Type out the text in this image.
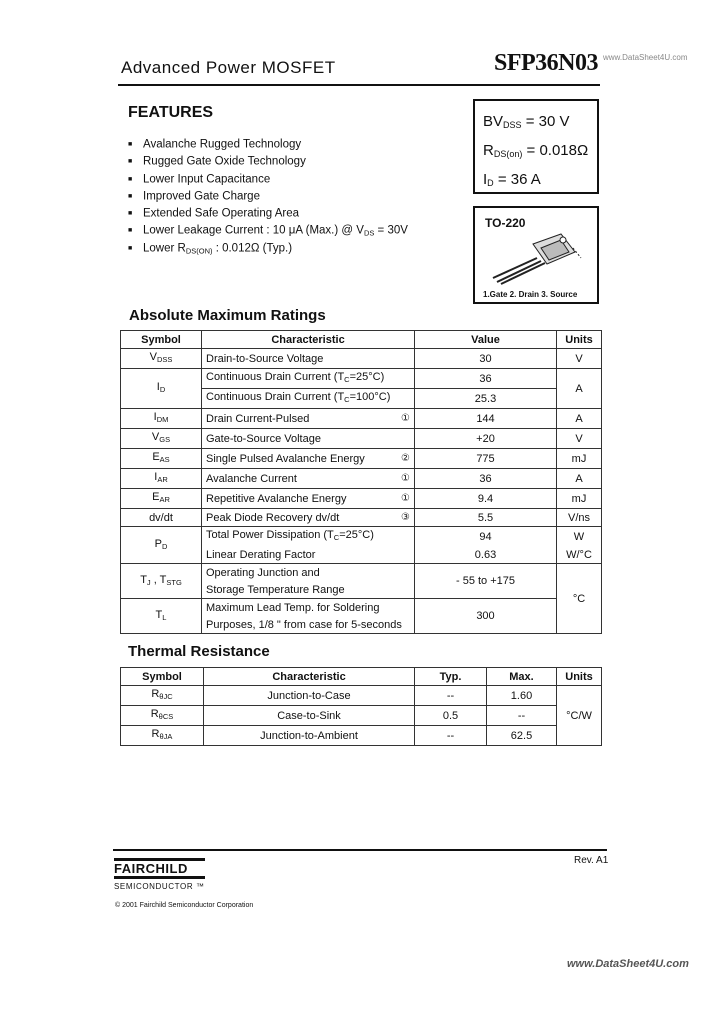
Advanced Power MOSFET
www.DataSheet4U.com
SFP36N03
FEATURES
■ Avalanche Rugged Technology
■ Rugged Gate Oxide Technology
■ Lower Input Capacitance
■ Improved Gate Charge
■ Extended Safe Operating Area
■ Lower Leakage Current : 10 μA (Max.) @ $V_{DS} = 30V$
■ Lower $R_{DS(ON)}$ : 0.012Ω (Typ.)
$BV_{DSS} = 30$ V
$R_{DS(on)} = 0.018\Omega$
$I_D = 36$ A
TO-220
1.Gate 2. Drain 3. Source
Absolute Maximum Ratings
Symbol	Characteristic	Value	Units
$V_{DSS}$	Drain-to-Source Voltage	30	V
$I_D$	Continuous Drain Current $(T_C=25^\circ C)$	36	A
	Continuous Drain Current $(T_C=100^\circ C)$	25.3	
$I_{DM}$	Drain Current-Pulsed ①	144	A
$V_{GS}$	Gate-to-Source Voltage	+20	V
$E_{AS}$	Single Pulsed Avalanche Energy ②	775	mJ
$I_{AR}$	Avalanche Current ①	36	A
$E_{AR}$	Repetitive Avalanche Energy ①	9.4	mJ
dv/dt	Peak Diode Recovery dv/dt ③	5.5	V/ns
$P_D$	Total Power Dissipation $(T_C=25^\circ C)$	94	W
	Linear Derating Factor	0.63	W/°C
$T_J$ , $T_{STG}$	Operating Junction and	- 55 to +175	°C
	Storage Temperature Range		
$T_L$	Maximum Lead Temp. for Soldering	300	
	Purposes, 1/8 " from case for 5-seconds		
Thermal Resistance
Symbol	Characteristic	Typ.	Max.	Units
$R_{\theta JC}$	Junction-to-Case	--	1.60	°C/W
$R_{\theta CS}$	Case-to-Sink	0.5	--	
$R_{\theta JA}$	Junction-to-Ambient	--	62.5	
FAIRCHILD
SEMICONDUCTOR ™
Rev. A1
© 2001 Fairchild Semiconductor Corporation
www.DataSheet4U.com
